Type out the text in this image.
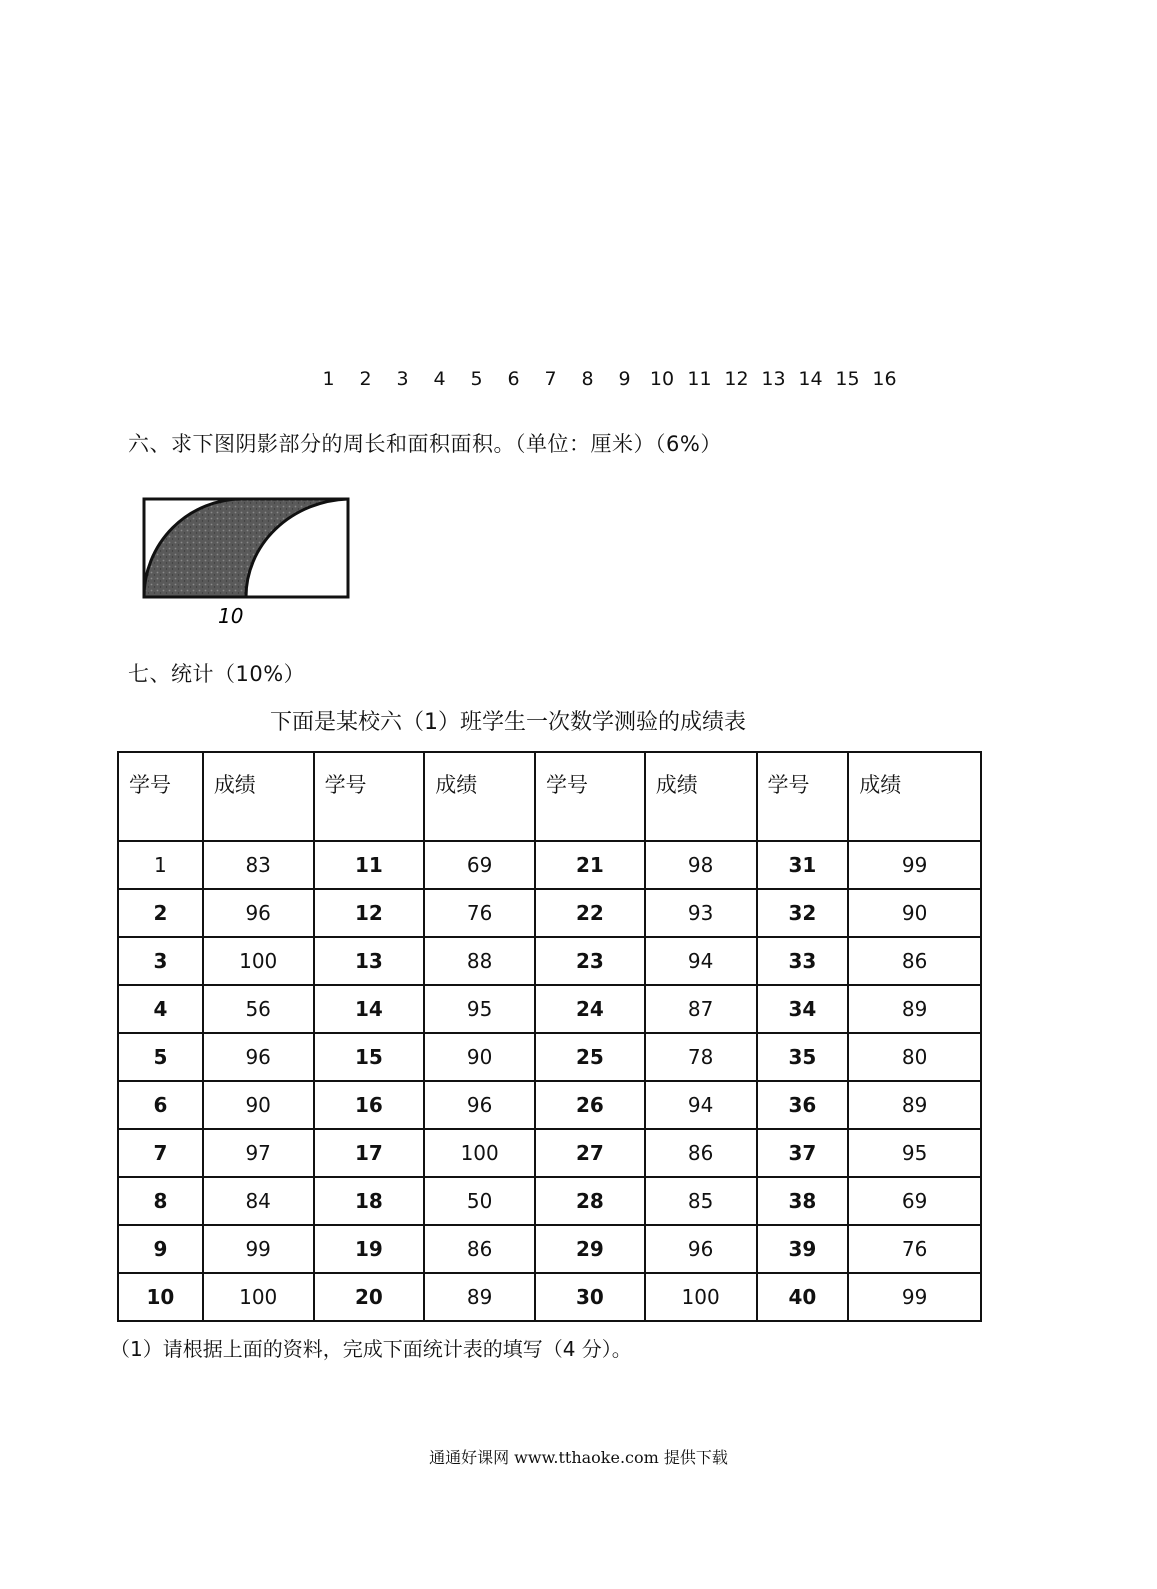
1	2	3	4	5	6	7	8	9	10 11 12 13 14 15 16
六、求下图阴影部分的周长和面积面积。（单位：厘米）（6%）
10
七、统计（10%）
下面是某校六（1）班学生一次数学测验的成绩表
学号	成绩	学号	成绩	学号	成绩	学号	成绩
1	83	11	69	21	98	31	99
2	96	12	76	22	93	32	90
3	100	13	88	23	94	33	86
4	56	14	95	24	87	34	89
5	96	15	90	25	78	35	80
6	90	16	96	26	94	36	89
7	97	17	100	27	86	37	95
8	84	18	50	28	85	38	69
9	99	19	86	29	96	39	76
10	100	20	89	30	100	40	99
（1）请根据上面的资料，完成下面统计表的填写（4 分）。
通通好课网 www.tthaoke.com 提供下载
